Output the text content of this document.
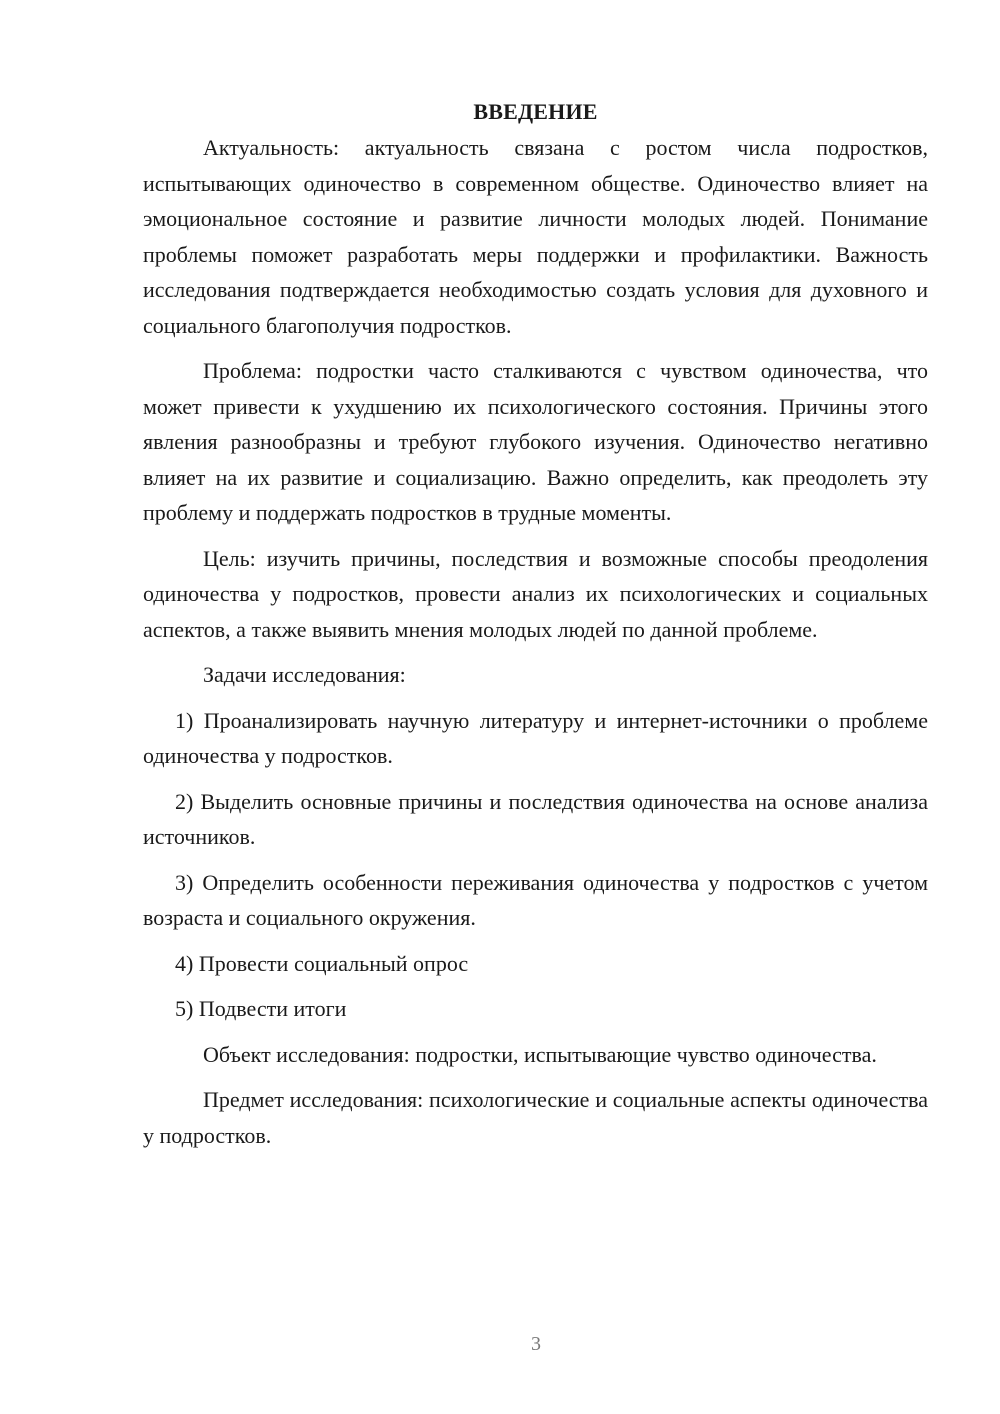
ВВЕДЕНИЕ

Актуальность: актуальность связана с ростом числа подростков, испытывающих одиночество в современном обществе. Одиночество влияет на эмоциональное состояние и развитие личности молодых людей. Понимание проблемы поможет разработать меры поддержки и профилактики. Важность исследования подтверждается необходимостью создать условия для духовного и социального благополучия подростков.

Проблема: подростки часто сталкиваются с чувством одиночества, что может привести к ухудшению их психологического состояния. Причины этого явления разнообразны и требуют глубокого изучения. Одиночество негативно влияет на их развитие и социализацию. Важно определить, как преодолеть эту проблему и поддержать подростков в трудные моменты.

Цель: изучить причины, последствия и возможные способы преодоления одиночества у подростков, провести анализ их психологических и социальных аспектов, а также выявить мнения молодых людей по данной проблеме.

Задачи исследования:

1) Проанализировать научную литературу и интернет-источники о проблеме одиночества у подростков.

2) Выделить основные причины и последствия одиночества на основе анализа источников.

3) Определить особенности переживания одиночества у подростков с учетом возраста и социального окружения.

4) Провести социальный опрос

5) Подвести итоги

Объект исследования: подростки, испытывающие чувство одиночества.

Предмет исследования: психологические и социальные аспекты одиночества у подростков.

3
